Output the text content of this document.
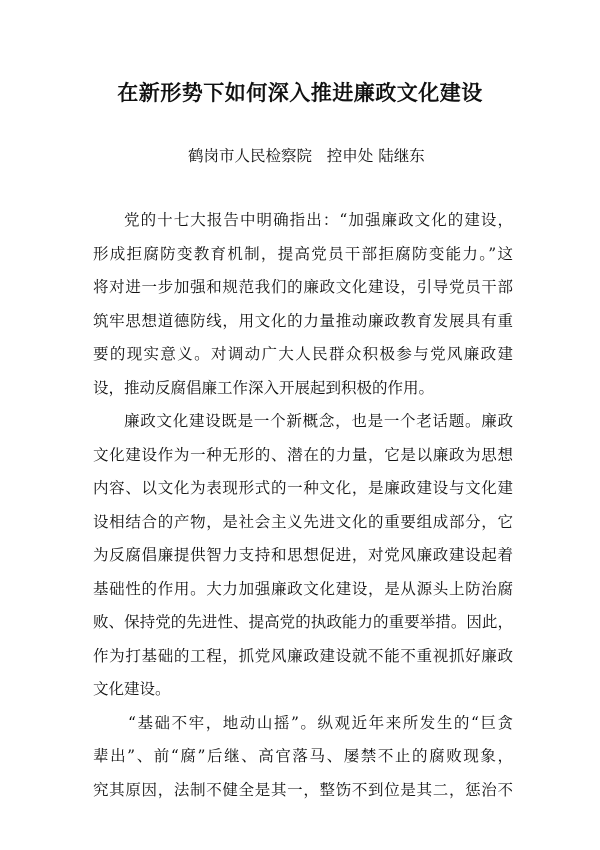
在新形势下如何深入推进廉政文化建设
鹤岗市人民检察院   控申处 陆继东
党的十七大报告中明确指出：“加强廉政文化的建设，
形成拒腐防变教育机制，提高党员干部拒腐防变能力。”这
将对进一步加强和规范我们的廉政文化建设，引导党员干部
筑牢思想道德防线，用文化的力量推动廉政教育发展具有重
要的现实意义。对调动广大人民群众积极参与党风廉政建
设，推动反腐倡廉工作深入开展起到积极的作用。
廉政文化建设既是一个新概念，也是一个老话题。廉政
文化建设作为一种无形的、潜在的力量，它是以廉政为思想
内容、以文化为表现形式的一种文化，是廉政建设与文化建
设相结合的产物，是社会主义先进文化的重要组成部分，它
为反腐倡廉提供智力支持和思想促进，对党风廉政建设起着
基础性的作用。大力加强廉政文化建设，是从源头上防治腐
败、保持党的先进性、提高党的执政能力的重要举措。因此，
作为打基础的工程，抓党风廉政建设就不能不重视抓好廉政
文化建设。
“基础不牢，地动山摇”。纵观近年来所发生的“巨贪
辈出”、前“腐”后继、高官落马、屡禁不止的腐败现象，
究其原因，法制不健全是其一，整饬不到位是其二，惩治不
